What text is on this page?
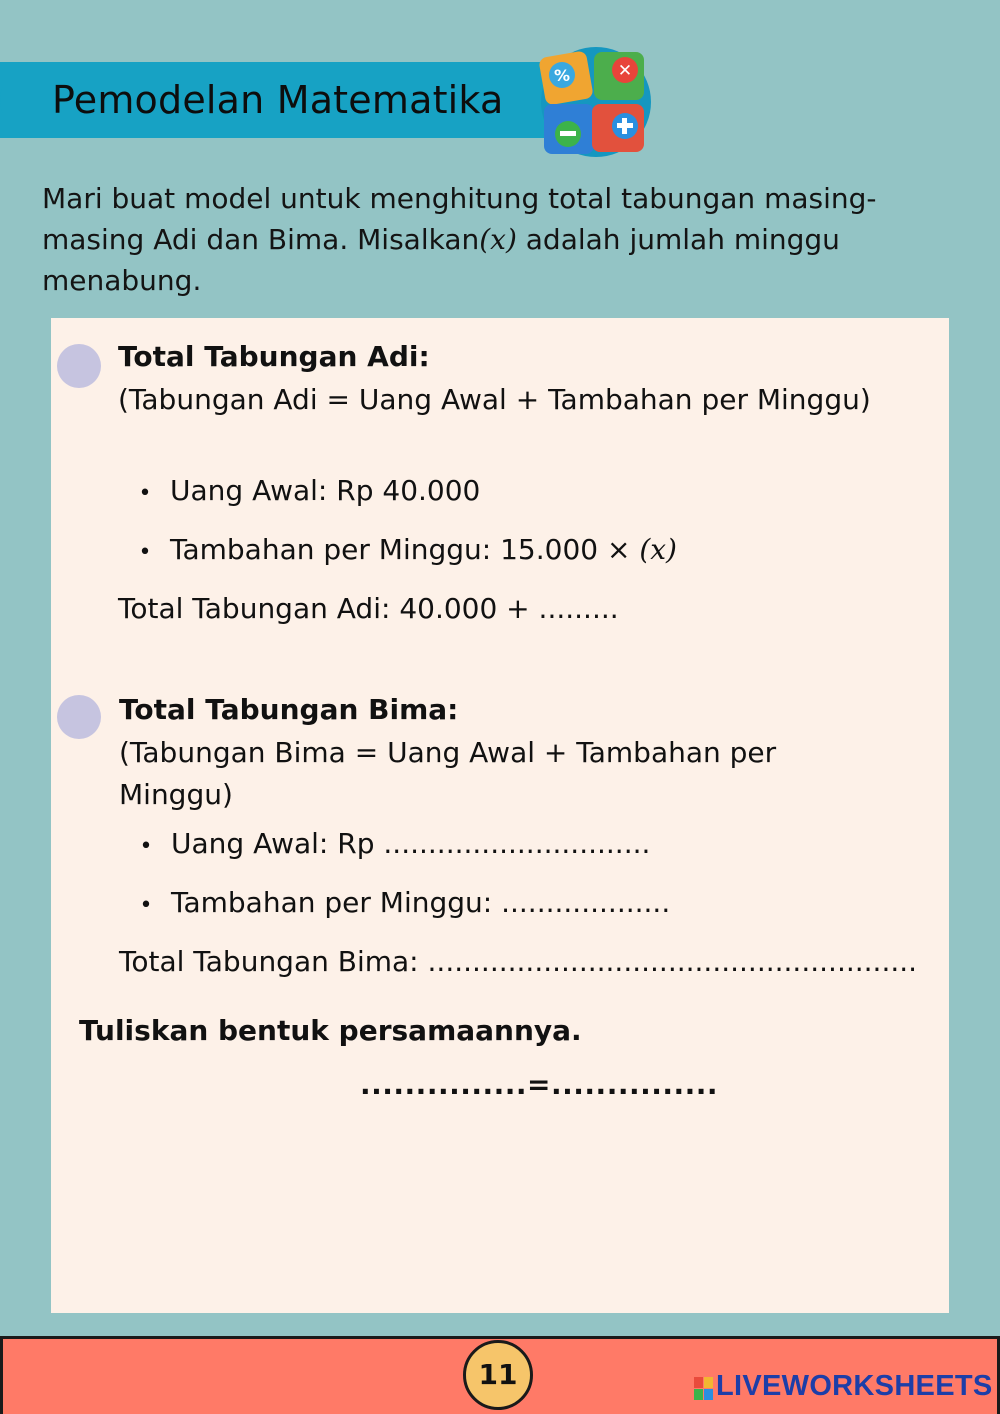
Pemodelan Matematika
%	✕
Mari buat model untuk menghitung total tabungan masing-masing Adi dan Bima. Misalkan(x) adalah jumlah minggu menabung.
Total Tabungan Adi:
(Tabungan Adi = Uang Awal + Tambahan per Minggu)
• Uang Awal: Rp 40.000
• Tambahan per Minggu: 15.000 × (x)
Total Tabungan Adi: 40.000 + .........
Total Tabungan Bima:
(Tabungan Bima = Uang Awal + Tambahan per Minggu)
• Uang Awal: Rp ..............................
• Tambahan per Minggu: ...................
Total Tabungan Bima: .......................................................
Tuliskan bentuk persamaannya.
...............=...............
11	LIVEWORKSHEETS
